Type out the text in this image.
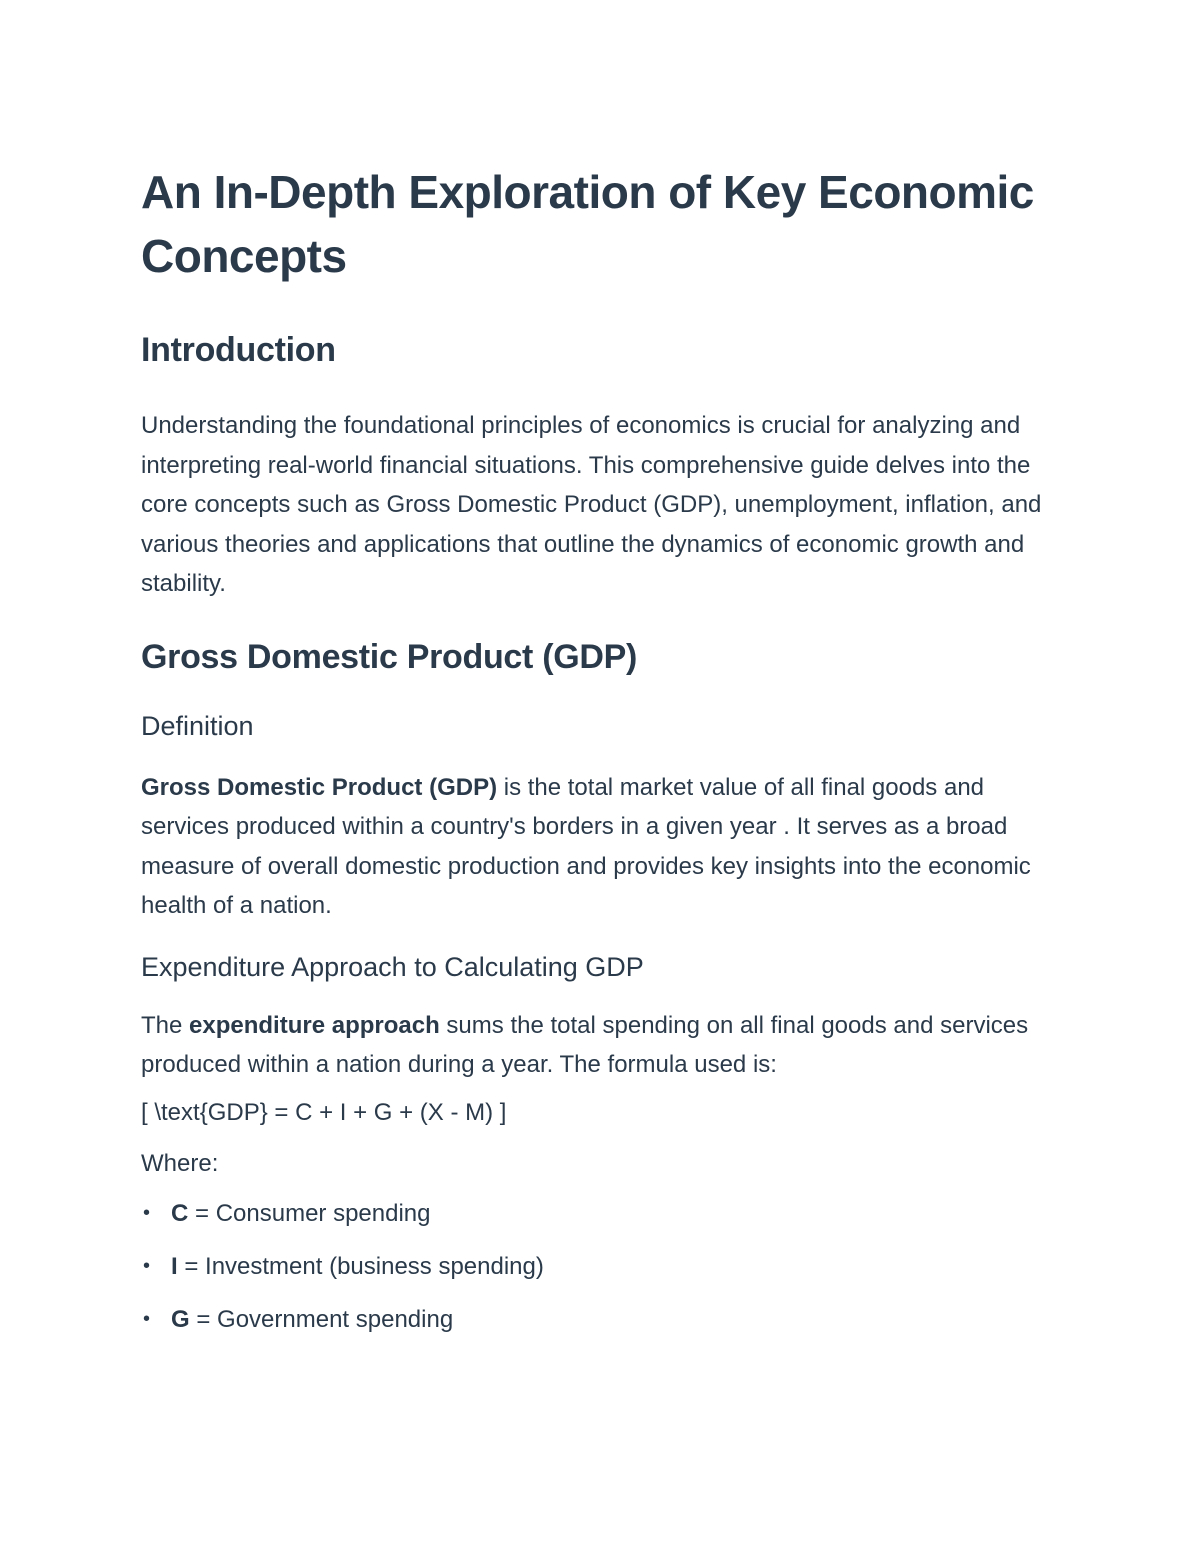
An In-Depth Exploration of Key Economic Concepts
Introduction

Understanding the foundational principles of economics is crucial for analyzing and interpreting real-world financial situations. This comprehensive guide delves into the core concepts such as Gross Domestic Product (GDP), unemployment, inflation, and various theories and applications that outline the dynamics of economic growth and stability.

Gross Domestic Product (GDP)
Definition

Gross Domestic Product (GDP) is the total market value of all final goods and services produced within a country's borders in a given year . It serves as a broad measure of overall domestic production and provides key insights into the economic health of a nation.

Expenditure Approach to Calculating GDP

The expenditure approach sums the total spending on all final goods and services produced within a nation during a year. The formula used is:

[ \text{GDP} = C + I + G + (X - M) ]

Where:

• C = Consumer spending
• I = Investment (business spending)
• G = Government spending
